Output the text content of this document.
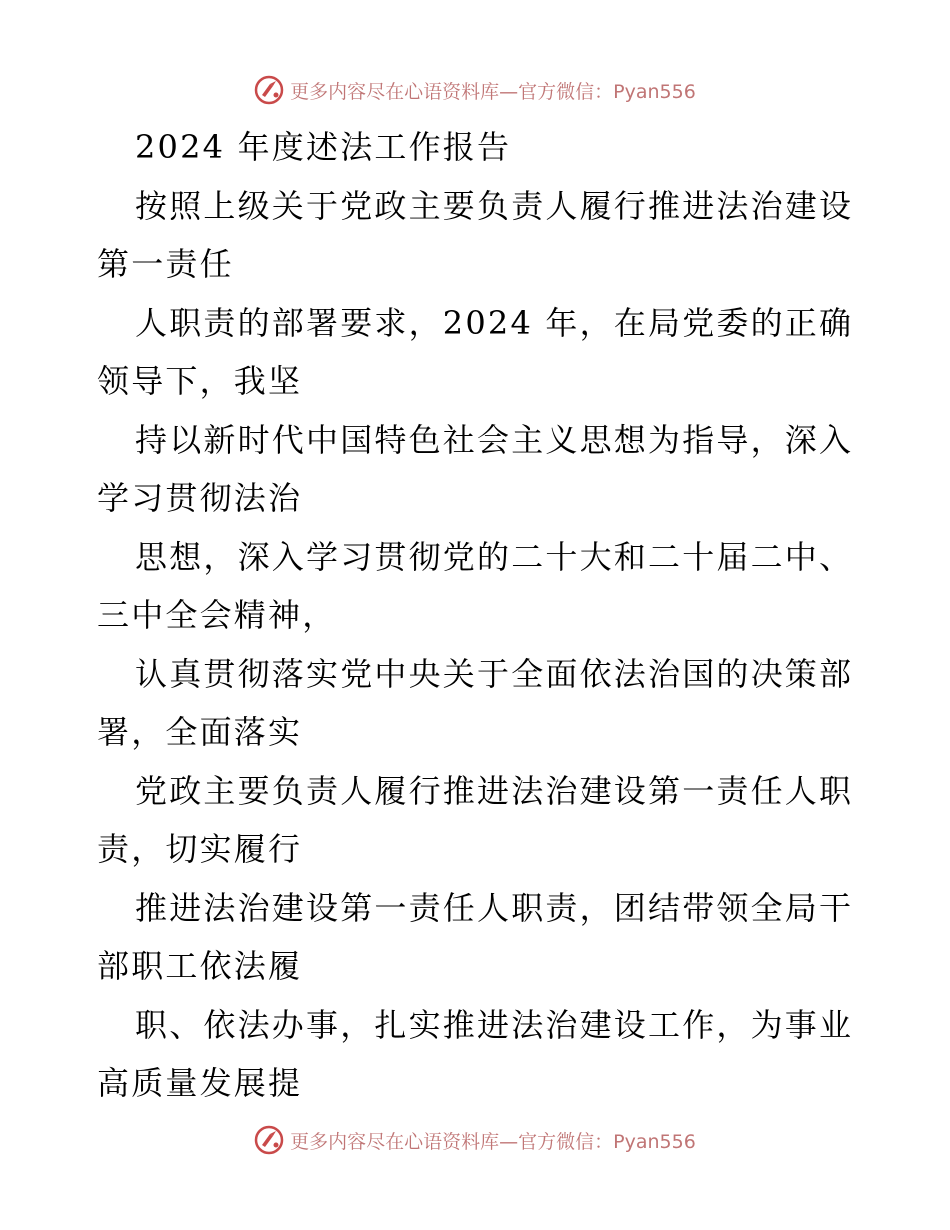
更多内容尽在心语资料库—官方微信：Pyan556
2024 年度述法工作报告
按照上级关于党政主要负责人履行推进法治建设
第一责任
人职责的部署要求，2024 年，在局党委的正确
领导下，我坚
持以新时代中国特色社会主义思想为指导，深入
学习贯彻法治
思想，深入学习贯彻党的二十大和二十届二中、
三中全会精神，
认真贯彻落实党中央关于全面依法治国的决策部
署，全面落实
党政主要负责人履行推进法治建设第一责任人职
责，切实履行
推进法治建设第一责任人职责，团结带领全局干
部职工依法履
职、依法办事，扎实推进法治建设工作，为事业
高质量发展提
更多内容尽在心语资料库—官方微信：Pyan556
